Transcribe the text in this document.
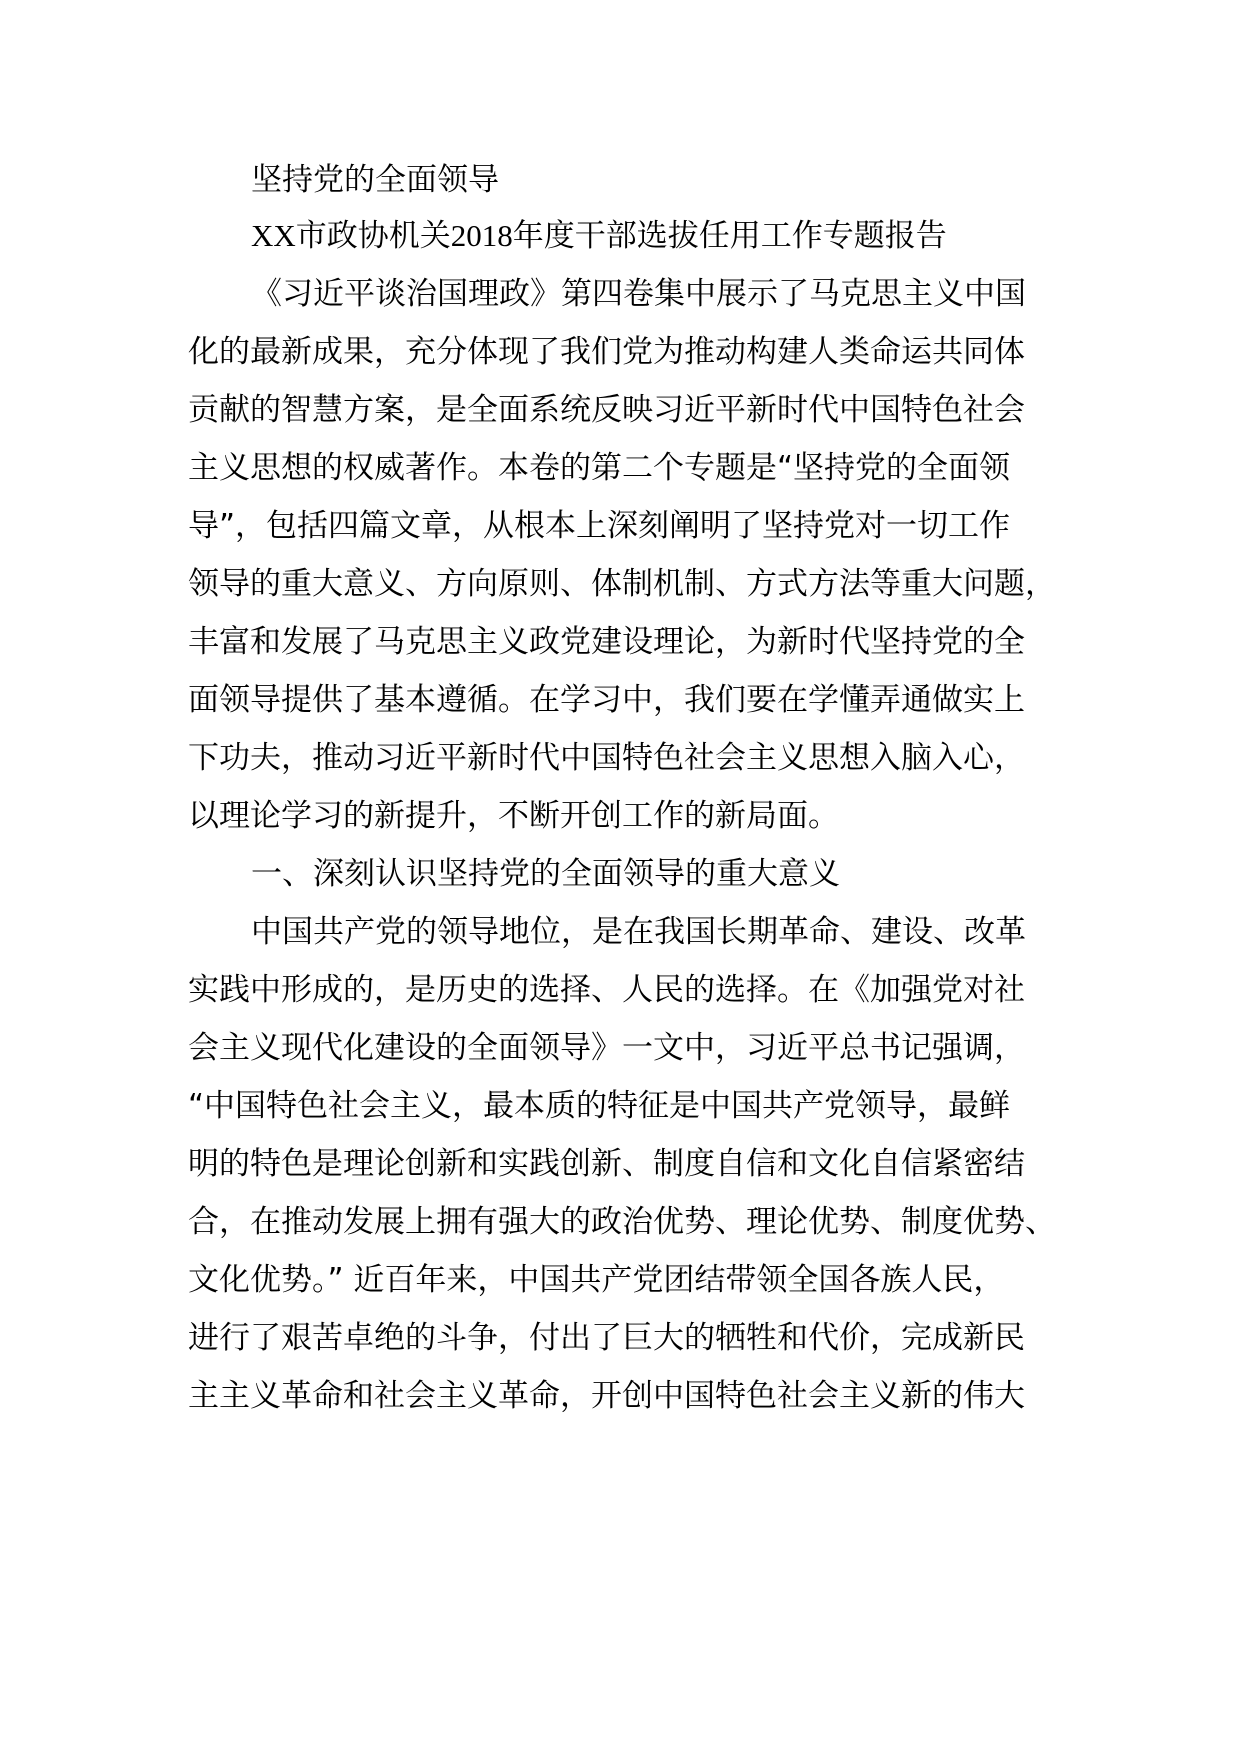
坚持党的全面领导
XX市政协机关2018年度干部选拔任用工作专题报告
《习近平谈治国理政》第四卷集中展示了马克思主义中国
化的最新成果，充分体现了我们党为推动构建人类命运共同体
贡献的智慧方案，是全面系统反映习近平新时代中国特色社会
主义思想的权威著作。本卷的第二个专题是“坚持党的全面领
导”，包括四篇文章，从根本上深刻阐明了坚持党对一切工作
领导的重大意义、方向原则、体制机制、方式方法等重大问题，
丰富和发展了马克思主义政党建设理论，为新时代坚持党的全
面领导提供了基本遵循。在学习中，我们要在学懂弄通做实上
下功夫，推动习近平新时代中国特色社会主义思想入脑入心，
以理论学习的新提升，不断开创工作的新局面。
一、深刻认识坚持党的全面领导的重大意义
中国共产党的领导地位，是在我国长期革命、建设、改革
实践中形成的，是历史的选择、人民的选择。在《加强党对社
会主义现代化建设的全面领导》一文中，习近平总书记强调，
“中国特色社会主义，最本质的特征是中国共产党领导，最鲜
明的特色是理论创新和实践创新、制度自信和文化自信紧密结
合，在推动发展上拥有强大的政治优势、理论优势、制度优势、
文化优势。” 近百年来，中国共产党团结带领全国各族人民，
进行了艰苦卓绝的斗争，付出了巨大的牺牲和代价，完成新民
主主义革命和社会主义革命，开创中国特色社会主义新的伟大
